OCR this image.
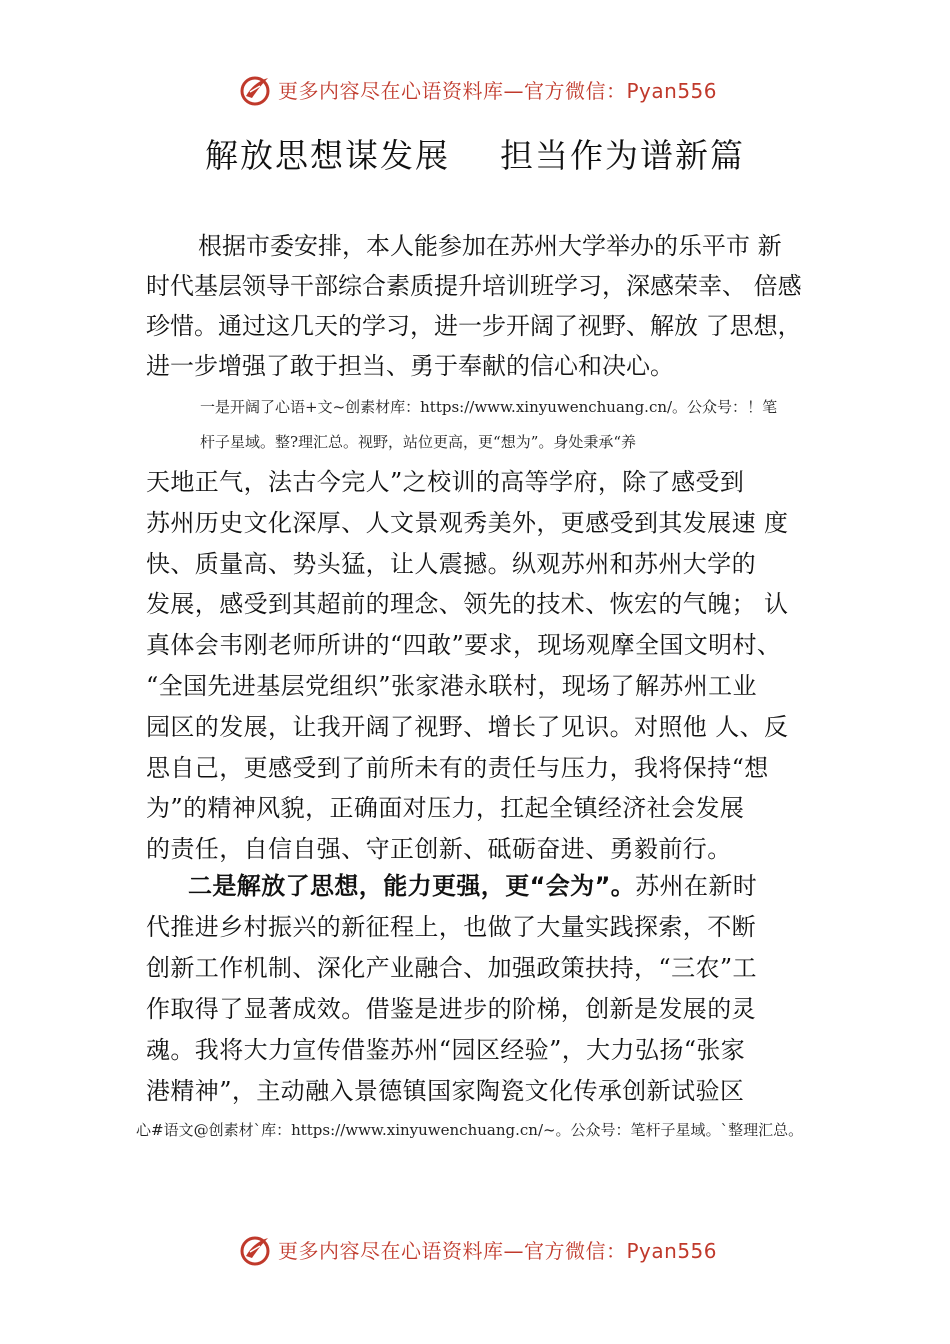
更多内容尽在心语资料库—官方微信：Pyan556
解放思想谋发展    担当作为谱新篇
根据市委安排，本人能参加在苏州大学举办的乐平市 新
时代基层领导干部综合素质提升培训班学习，深感荣幸、 倍感
珍惜。通过这几天的学习，进一步开阔了视野、解放 了思想，
进一步增强了敢于担当、勇于奉献的信心和决心。
一是开阔了心语+文~创素材库：https://www.xinyuwenchuang.cn/。公众号：！笔
杆子星域。整?理汇总。视野，站位更高，更“想为”。身处秉承“养
天地正气，法古今完人”之校训的高等学府，除了感受到
苏州历史文化深厚、人文景观秀美外，更感受到其发展速 度
快、质量高、势头猛，让人震撼。纵观苏州和苏州大学的
发展，感受到其超前的理念、领先的技术、恢宏的气魄； 认
真体会韦刚老师所讲的“四敢”要求，现场观摩全国文明村、
“全国先进基层党组织”张家港永联村，现场了解苏州工业
园区的发展，让我开阔了视野、增长了见识。对照他 人、反
思自己，更感受到了前所未有的责任与压力，我将保持“想
为”的精神风貌，正确面对压力，扛起全镇经济社会发展
的责任，自信自强、守正创新、砥砺奋进、勇毅前行。
二是解放了思想，能力更强，更“会为”。苏州在新时
代推进乡村振兴的新征程上，也做了大量实践探索，不断
创新工作机制、深化产业融合、加强政策扶持，“三农”工
作取得了显著成效。借鉴是进步的阶梯，创新是发展的灵
魂。我将大力宣传借鉴苏州“园区经验”，大力弘扬“张家
港精神”，主动融入景德镇国家陶瓷文化传承创新试验区
心#语文@创素材`库：https://www.xinyuwenchuang.cn/~。公众号：笔杆子星域。`整理汇总。
更多内容尽在心语资料库—官方微信：Pyan556
